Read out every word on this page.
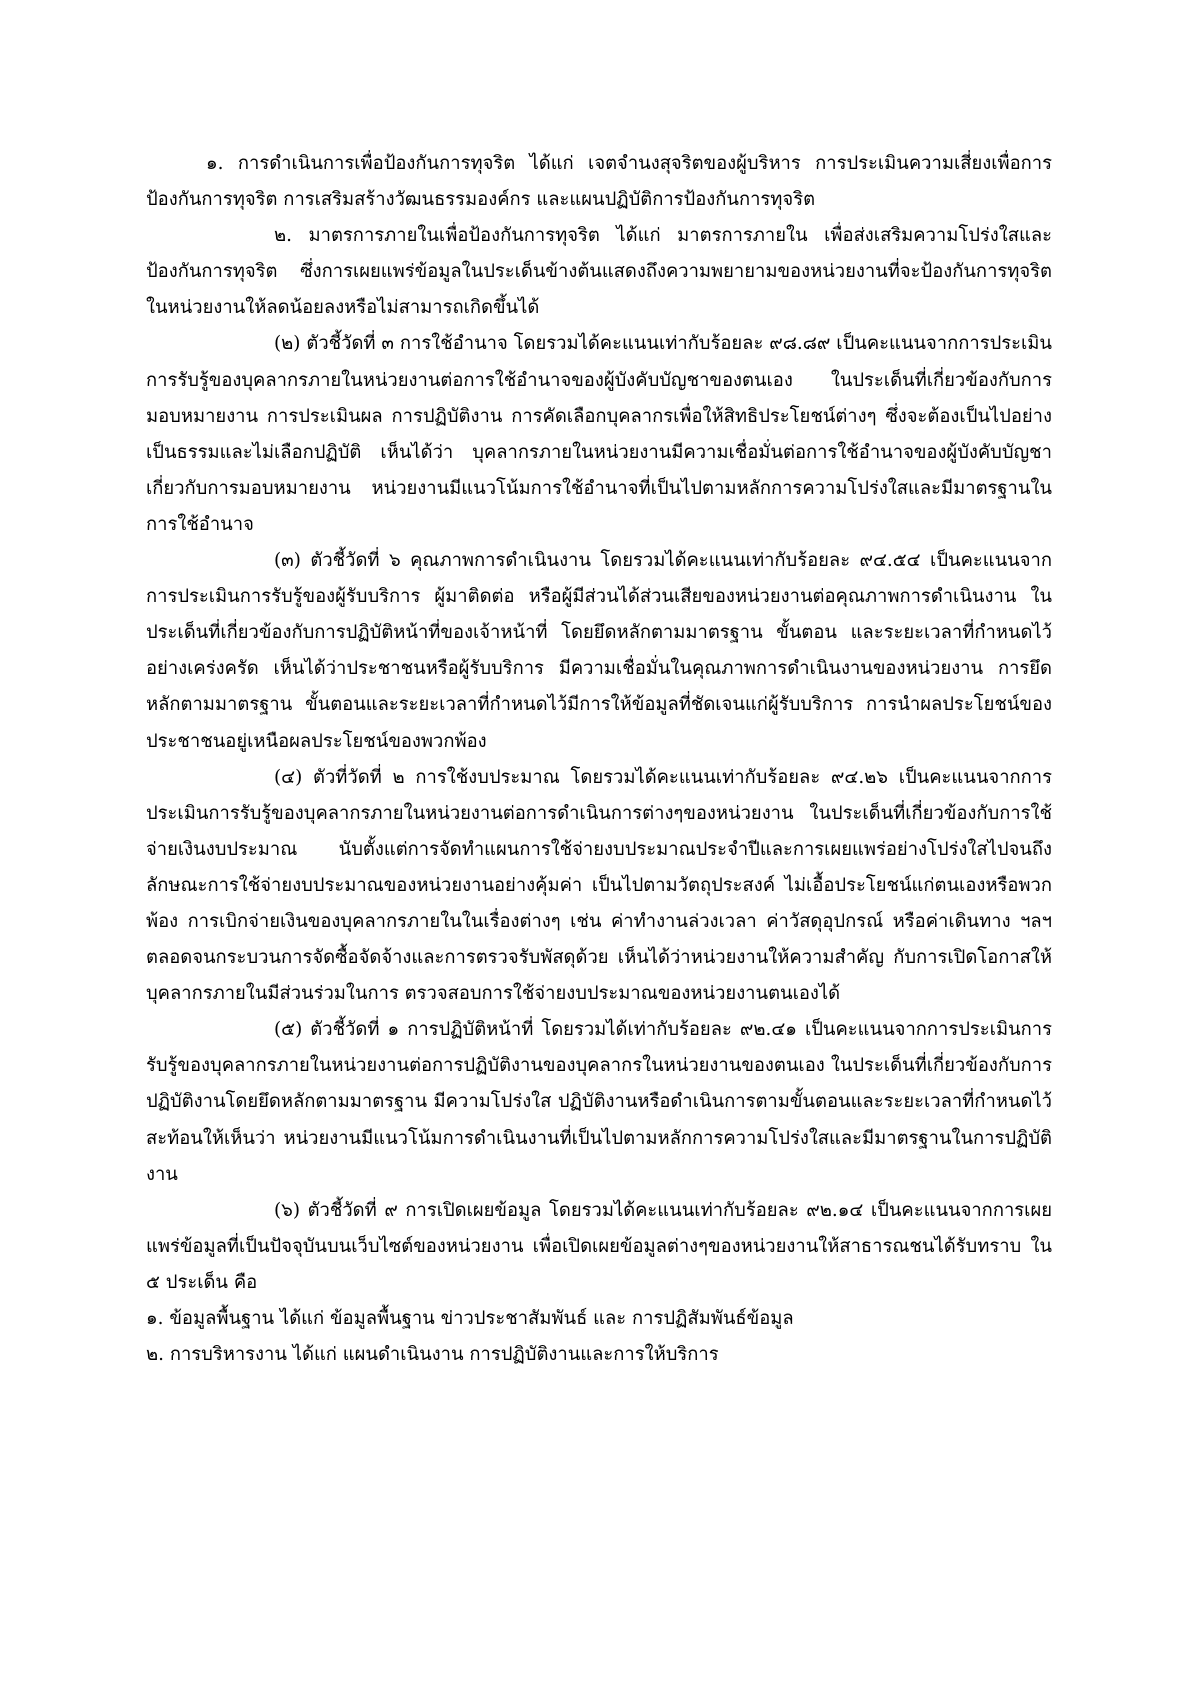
๑. การดำเนินการเพื่อป้องกันการทุจริต ได้แก่ เจตจำนงสุจริตของผู้บริหาร การประเมินความเสี่ยงเพื่อการป้องกันการทุจริต การเสริมสร้างวัฒนธรรมองค์กร และแผนปฏิบัติการป้องกันการทุจริต

๒. มาตรการภายในเพื่อป้องกันการทุจริต ได้แก่ มาตรการภายใน เพื่อส่งเสริมความโปร่งใสและป้องกันการทุจริต ซึ่งการเผยแพร่ข้อมูลในประเด็นข้างต้นแสดงถึงความพยายามของหน่วยงานที่จะป้องกันการทุจริตในหน่วยงานให้ลดน้อยลงหรือไม่สามารถเกิดขึ้นได้

(๒) ตัวชี้วัดที่ ๓ การใช้อำนาจ โดยรวมได้คะแนนเท่ากับร้อยละ ๙๘.๘๙ เป็นคะแนนจากการประเมินการรับรู้ของบุคลากรภายในหน่วยงานต่อการใช้อำนาจของผู้บังคับบัญชาของตนเอง ในประเด็นที่เกี่ยวข้องกับการมอบหมายงาน การประเมินผล การปฏิบัติงาน การคัดเลือกบุคลากรเพื่อให้สิทธิประโยชน์ต่างๆ ซึ่งจะต้องเป็นไปอย่างเป็นธรรมและไม่เลือกปฏิบัติ เห็นได้ว่า บุคลากรภายในหน่วยงานมีความเชื่อมั่นต่อการใช้อำนาจของผู้บังคับบัญชาเกี่ยวกับการมอบหมายงาน หน่วยงานมีแนวโน้มการใช้อำนาจที่เป็นไปตามหลักการความโปร่งใสและมีมาตรฐานในการใช้อำนาจ

(๓) ตัวชี้วัดที่ ๖ คุณภาพการดำเนินงาน โดยรวมได้คะแนนเท่ากับร้อยละ ๙๔.๕๔ เป็นคะแนนจากการประเมินการรับรู้ของผู้รับบริการ ผู้มาติดต่อ หรือผู้มีส่วนได้ส่วนเสียของหน่วยงานต่อคุณภาพการดำเนินงาน ในประเด็นที่เกี่ยวข้องกับการปฏิบัติหน้าที่ของเจ้าหน้าที่ โดยยึดหลักตามมาตรฐาน ขั้นตอน และระยะเวลาที่กำหนดไว้อย่างเคร่งครัด เห็นได้ว่าประชาชนหรือผู้รับบริการ มีความเชื่อมั่นในคุณภาพการดำเนินงานของหน่วยงาน การยึดหลักตามมาตรฐาน ขั้นตอนและระยะเวลาที่กำหนดไว้มีการให้ข้อมูลที่ชัดเจนแก่ผู้รับบริการ การนำผลประโยชน์ของประชาชนอยู่เหนือผลประโยชน์ของพวกพ้อง

(๔) ตัวที่วัดที่ ๒ การใช้งบประมาณ โดยรวมได้คะแนนเท่ากับร้อยละ ๙๔.๒๖ เป็นคะแนนจากการประเมินการรับรู้ของบุคลากรภายในหน่วยงานต่อการดำเนินการต่างๆของหน่วยงาน ในประเด็นที่เกี่ยวข้องกับการใช้จ่ายเงินงบประมาณ นับตั้งแต่การจัดทำแผนการใช้จ่ายงบประมาณประจำปีและการเผยแพร่อย่างโปร่งใสไปจนถึงลักษณะการใช้จ่ายงบประมาณของหน่วยงานอย่างคุ้มค่า เป็นไปตามวัตถุประสงค์ ไม่เอื้อประโยชน์แก่ตนเองหรือพวกพ้อง การเบิกจ่ายเงินของบุคลากรภายในในเรื่องต่างๆ เช่น ค่าทำงานล่วงเวลา ค่าวัสดุอุปกรณ์ หรือค่าเดินทาง ฯลฯ ตลอดจนกระบวนการจัดซื้อจัดจ้างและการตรวจรับพัสดุด้วย เห็นได้ว่าหน่วยงานให้ความสำคัญ กับการเปิดโอกาสให้บุคลากรภายในมีส่วนร่วมในการ ตรวจสอบการใช้จ่ายงบประมาณของหน่วยงานตนเองได้

(๕) ตัวชี้วัดที่ ๑ การปฏิบัติหน้าที่ โดยรวมได้เท่ากับร้อยละ ๙๒.๔๑ เป็นคะแนนจากการประเมินการรับรู้ของบุคลากรภายในหน่วยงานต่อการปฏิบัติงานของบุคลากรในหน่วยงานของตนเอง ในประเด็นที่เกี่ยวข้องกับการปฏิบัติงานโดยยึดหลักตามมาตรฐาน มีความโปร่งใส ปฏิบัติงานหรือดำเนินการตามขั้นตอนและระยะเวลาที่กำหนดไว้ สะท้อนให้เห็นว่า หน่วยงานมีแนวโน้มการดำเนินงานที่เป็นไปตามหลักการความโปร่งใสและมีมาตรฐานในการปฏิบัติงาน

(๖) ตัวชี้วัดที่ ๙ การเปิดเผยข้อมูล โดยรวมได้คะแนนเท่ากับร้อยละ ๙๒.๑๔ เป็นคะแนนจากการเผยแพร่ข้อมูลที่เป็นปัจจุบันบนเว็บไซต์ของหน่วยงาน เพื่อเปิดเผยข้อมูลต่างๆของหน่วยงานให้สาธารณชนได้รับทราบ ใน ๕ ประเด็น คือ

๑. ข้อมูลพื้นฐาน ได้แก่ ข้อมูลพื้นฐาน ข่าวประชาสัมพันธ์ และ การปฏิสัมพันธ์ข้อมูล

๒. การบริหารงาน ได้แก่ แผนดำเนินงาน การปฏิบัติงานและการให้บริการ
